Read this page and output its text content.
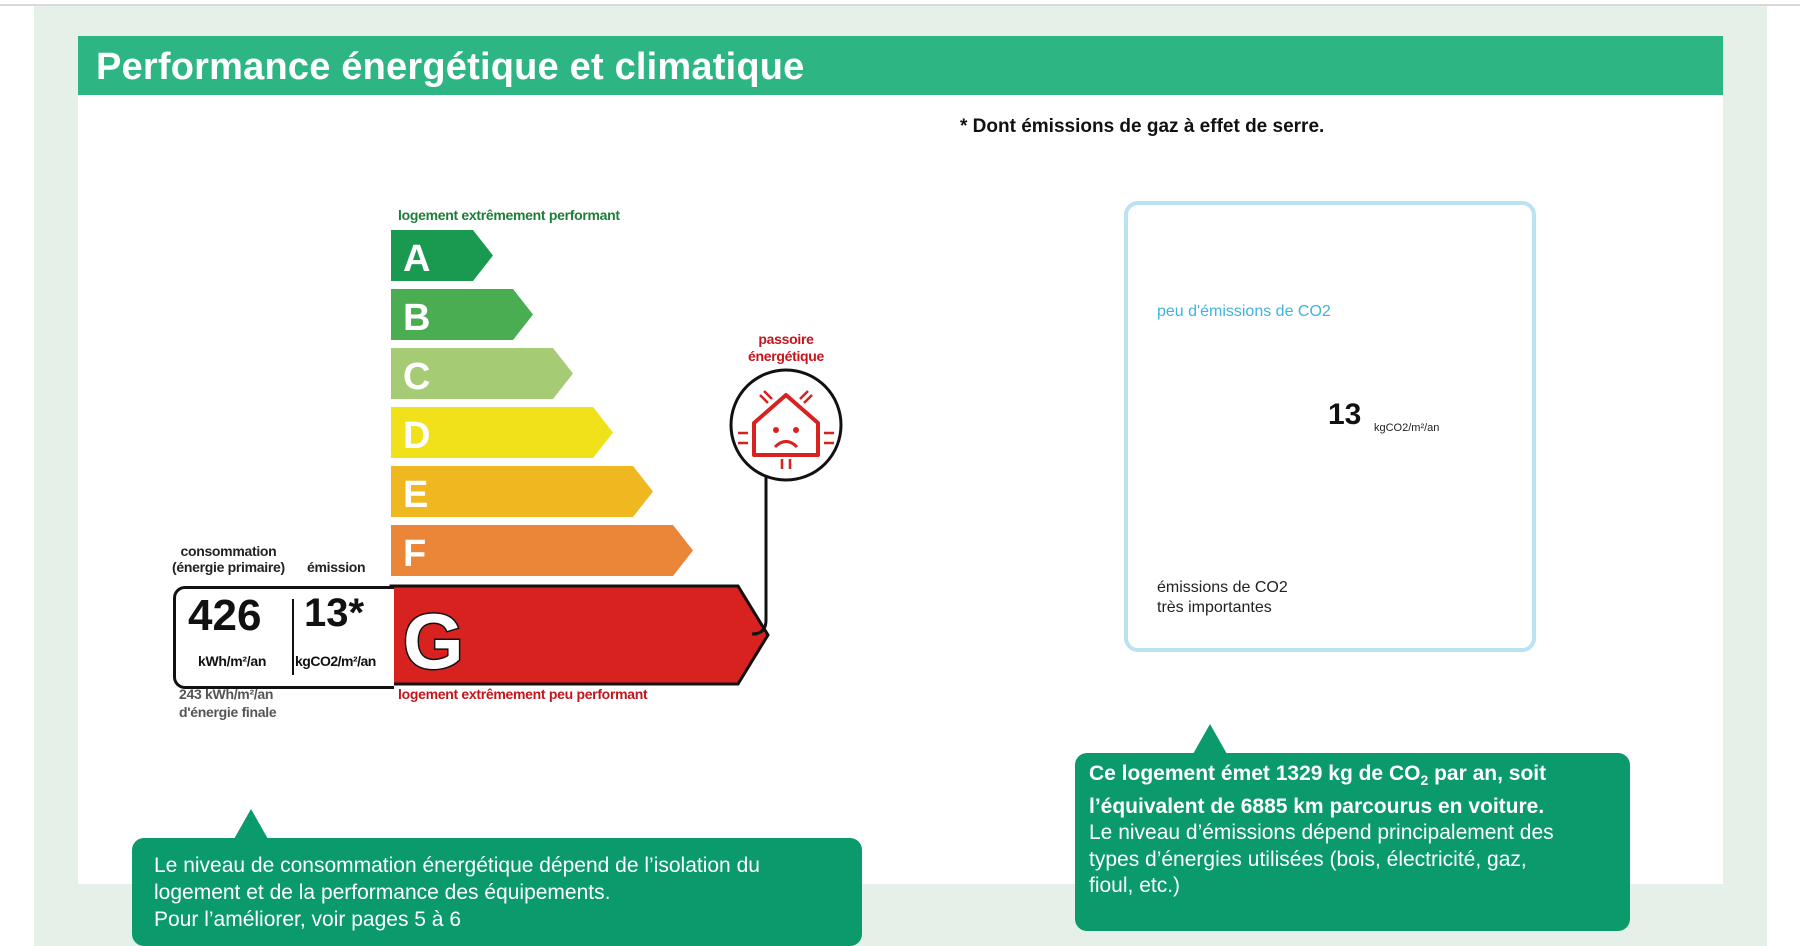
Performance énergétique et climatique
* Dont émissions de gaz à effet de serre.
logement extrêmement performant
A
B
C
D
E
F
G
consommation
(énergie primaire) émission
426
kWh/m²/an
13*
kgCO2/m²/an
243 kWh/m²/an
d'énergie finale
logement extrêmement peu performant
passoire
énergétique
peu d'émissions de CO2
émissions de CO2
très importantes
13 kgCO2/m²/an
Le niveau de consommation énergétique dépend de l’isolation du
logement et de la performance des équipements.
Pour l’améliorer, voir pages 5 à 6
Ce logement émet 1329 kg de $CO_2$ par an, soit
l’équivalent de 6885 km parcourus en voiture.
Le niveau d’émissions dépend principalement des
types d’énergies utilisées (bois, électricité, gaz,
fioul, etc.)
